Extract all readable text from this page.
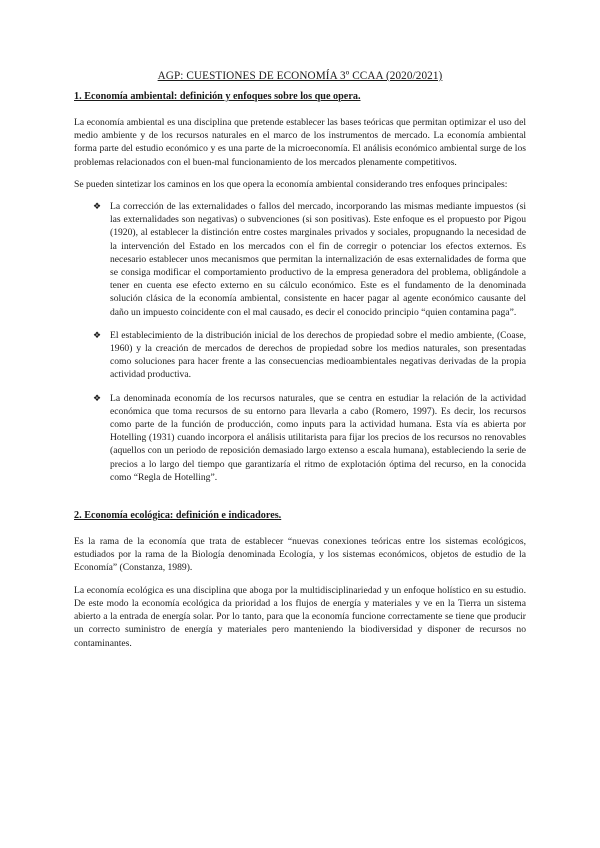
AGP: CUESTIONES DE ECONOMÍA 3º CCAA (2020/2021)
1. Economía ambiental: definición y enfoques sobre los que opera.

La economía ambiental es una disciplina que pretende establecer las bases teóricas que permitan optimizar el uso del medio ambiente y de los recursos naturales en el marco de los instrumentos de mercado. La economía ambiental forma parte del estudio económico y es una parte de la microeconomía. El análisis económico ambiental surge de los problemas relacionados con el buen-mal funcionamiento de los mercados plenamente competitivos.

Se pueden sintetizar los caminos en los que opera la economía ambiental considerando tres enfoques principales:

❖ La corrección de las externalidades o fallos del mercado, incorporando las mismas mediante impuestos (si las externalidades son negativas) o subvenciones (si son positivas). Este enfoque es el propuesto por Pigou (1920), al establecer la distinción entre costes marginales privados y sociales, propugnando la necesidad de la intervención del Estado en los mercados con el fin de corregir o potenciar los efectos externos. Es necesario establecer unos mecanismos que permitan la internalización de esas externalidades de forma que se consiga modificar el comportamiento productivo de la empresa generadora del problema, obligándole a tener en cuenta ese efecto externo en su cálculo económico. Este es el fundamento de la denominada solución clásica de la economía ambiental, consistente en hacer pagar al agente económico causante del daño un impuesto coincidente con el mal causado, es decir el conocido principio “quien contamina paga”.
❖ El establecimiento de la distribución inicial de los derechos de propiedad sobre el medio ambiente, (Coase, 1960) y la creación de mercados de derechos de propiedad sobre los medios naturales, son presentadas como soluciones para hacer frente a las consecuencias medioambientales negativas derivadas de la propia actividad productiva.
❖ La denominada economía de los recursos naturales, que se centra en estudiar la relación de la actividad económica que toma recursos de su entorno para llevarla a cabo (Romero, 1997). Es decir, los recursos como parte de la función de producción, como inputs para la actividad humana. Esta vía es abierta por Hotelling (1931) cuando incorpora el análisis utilitarista para fijar los precios de los recursos no renovables (aquellos con un periodo de reposición demasiado largo extenso a escala humana), estableciendo la serie de precios a lo largo del tiempo que garantizaría el ritmo de explotación óptima del recurso, en la conocida como “Regla de Hotelling”.
2. Economía ecológica: definición e indicadores.

Es la rama de la economía que trata de establecer “nuevas conexiones teóricas entre los sistemas ecológicos, estudiados por la rama de la Biología denominada Ecología, y los sistemas económicos, objetos de estudio de la Economía” (Constanza, 1989).

La economía ecológica es una disciplina que aboga por la multidisciplinariedad y un enfoque holístico en su estudio. De este modo la economía ecológica da prioridad a los flujos de energía y materiales y ve en la Tierra un sistema abierto a la entrada de energía solar. Por lo tanto, para que la economía funcione correctamente se tiene que producir un correcto suministro de energía y materiales pero manteniendo la biodiversidad y disponer de recursos no contaminantes.
